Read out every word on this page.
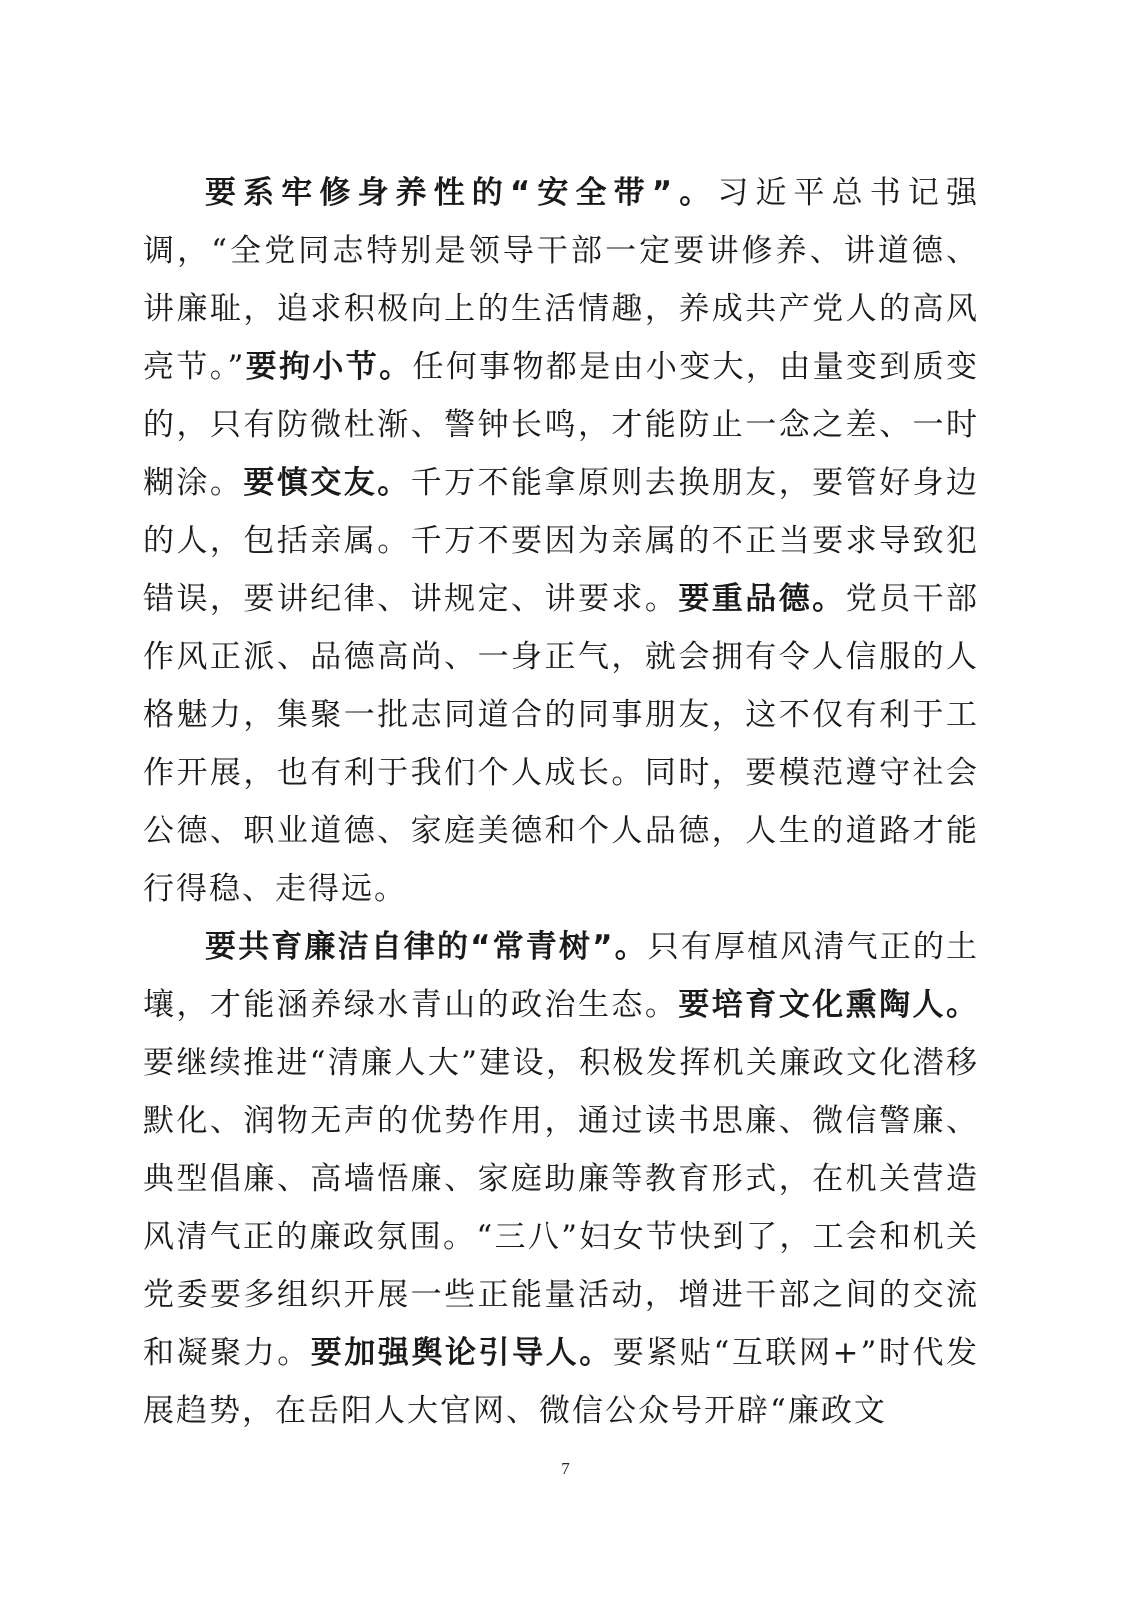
要系牢修身养性的“安全带”。习近平总书记强调，“全党同志特别是领导干部一定要讲修养、讲道德、讲廉耻，追求积极向上的生活情趣，养成共产党人的高风亮节。”要拘小节。任何事物都是由小变大，由量变到质变的，只有防微杜渐、警钟长鸣，才能防止一念之差、一时糊涂。要慎交友。千万不能拿原则去换朋友，要管好身边的人，包括亲属。千万不要因为亲属的不正当要求导致犯错误，要讲纪律、讲规定、讲要求。要重品德。党员干部作风正派、品德高尚、一身正气，就会拥有令人信服的人格魅力，集聚一批志同道合的同事朋友，这不仅有利于工作开展，也有利于我们个人成长。同时，要模范遵守社会公德、职业道德、家庭美德和个人品德，人生的道路才能行得稳、走得远。

要共育廉洁自律的“常青树”。只有厚植风清气正的土壤，才能涵养绿水青山的政治生态。要培育文化熏陶人。要继续推进“清廉人大”建设，积极发挥机关廉政文化潜移默化、润物无声的优势作用，通过读书思廉、微信警廉、典型倡廉、高墙悟廉、家庭助廉等教育形式，在机关营造风清气正的廉政氛围。“三八”妇女节快到了，工会和机关党委要多组织开展一些正能量活动，增进干部之间的交流和凝聚力。要加强舆论引导人。要紧贴“互联网+”时代发展趋势，在岳阳人大官网、微信公众号开辟“廉政文

7
